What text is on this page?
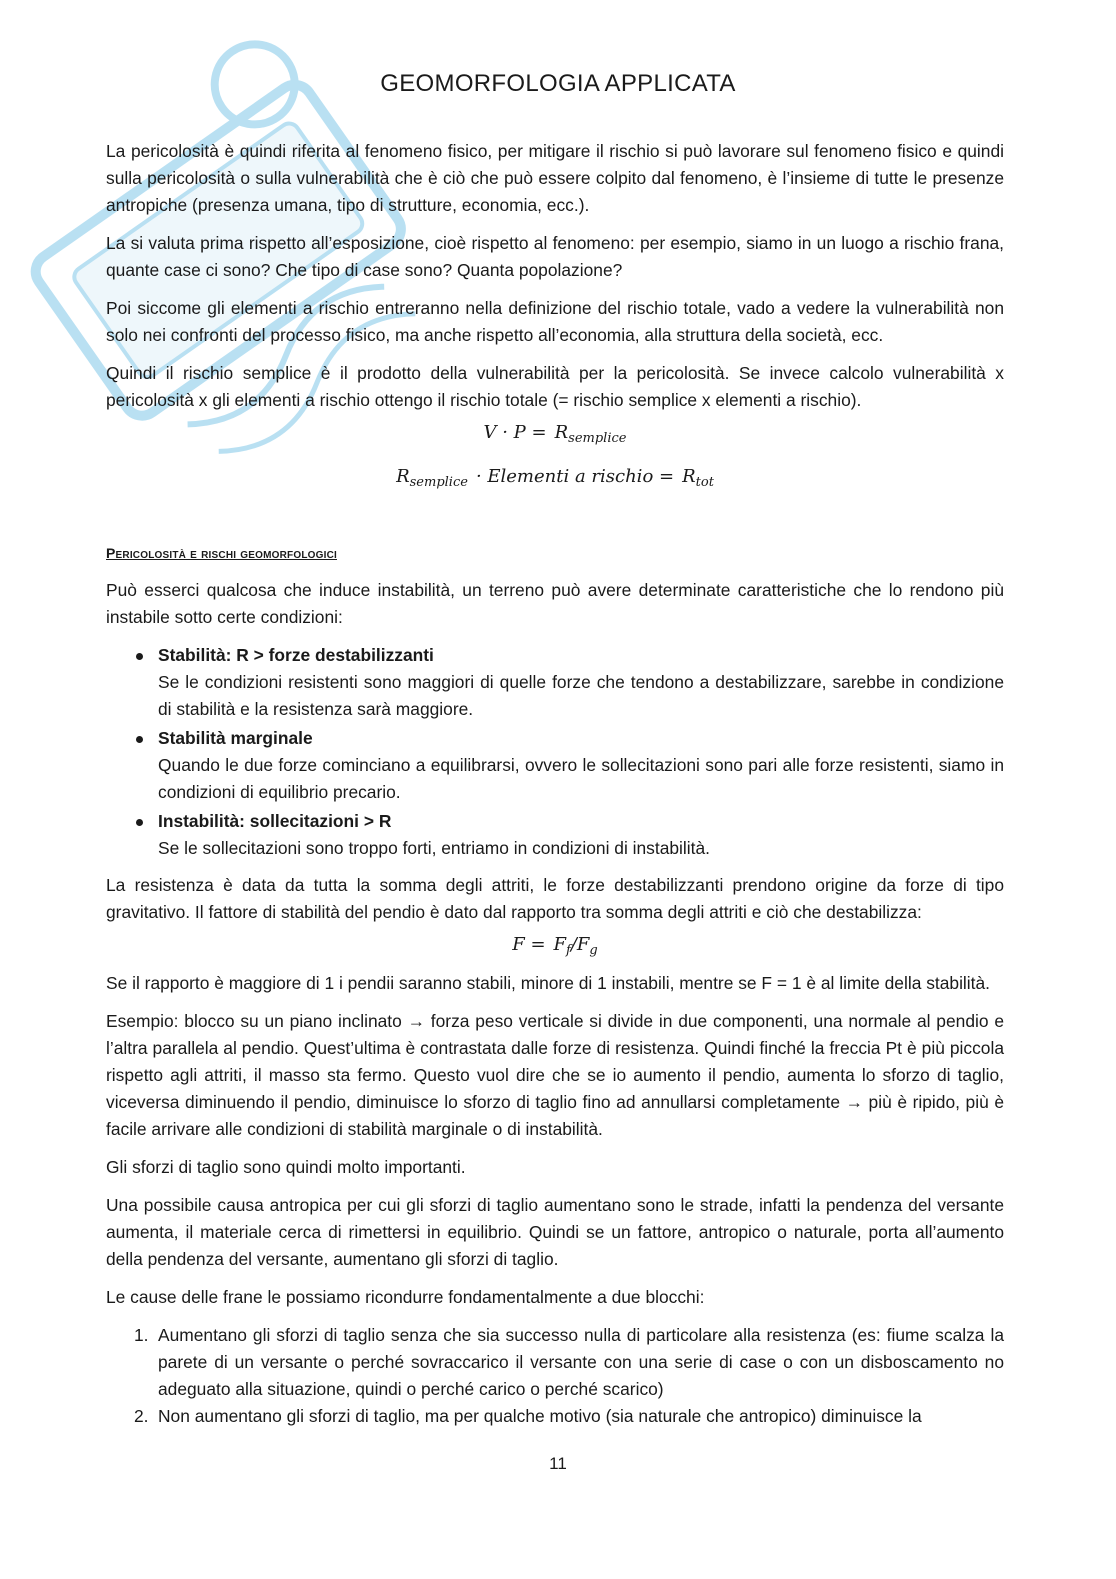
GEOMORFOLOGIA APPLICATA

La pericolosità è quindi riferita al fenomeno fisico, per mitigare il rischio si può lavorare sul fenomeno fisico e quindi sulla pericolosità o sulla vulnerabilità che è ciò che può essere colpito dal fenomeno, è l’insieme di tutte le presenze antropiche (presenza umana, tipo di strutture, economia, ecc.).

La si valuta prima rispetto all’esposizione, cioè rispetto al fenomeno: per esempio, siamo in un luogo a rischio frana, quante case ci sono? Che tipo di case sono? Quanta popolazione?

Poi siccome gli elementi a rischio entreranno nella definizione del rischio totale, vado a vedere la vulnerabilità non solo nei confronti del processo fisico, ma anche rispetto all’economia, alla struttura della società, ecc.

Quindi il rischio semplice è il prodotto della vulnerabilità per la pericolosità. Se invece calcolo vulnerabilità x pericolosità x gli elementi a rischio ottengo il rischio totale (= rischio semplice x elementi a rischio).

$V \cdot P = R_{semplice}$
$R_{semplice}$ · Elementi a rischio = $R_{tot}$
Pericolosità e rischi geomorfologici

Può esserci qualcosa che induce instabilità, un terreno può avere determinate caratteristiche che lo rendono più instabile sotto certe condizioni:

Stabilità: R > forze destabilizzanti
Se le condizioni resistenti sono maggiori di quelle forze che tendono a destabilizzare, sarebbe in condizione di stabilità e la resistenza sarà maggiore.
Stabilità marginale
Quando le due forze cominciano a equilibrarsi, ovvero le sollecitazioni sono pari alle forze resistenti, siamo in condizioni di equilibrio precario.
Instabilità: sollecitazioni > R
Se le sollecitazioni sono troppo forti, entriamo in condizioni di instabilità.

La resistenza è data da tutta la somma degli attriti, le forze destabilizzanti prendono origine da forze di tipo gravitativo. Il fattore di stabilità del pendio è dato dal rapporto tra somma degli attriti e ciò che destabilizza:

$F = F_f/F_g$

Se il rapporto è maggiore di 1 i pendii saranno stabili, minore di 1 instabili, mentre se F = 1 è al limite della stabilità.

Esempio: blocco su un piano inclinato → forza peso verticale si divide in due componenti, una normale al pendio e l’altra parallela al pendio. Quest’ultima è contrastata dalle forze di resistenza. Quindi finché la freccia Pt è più piccola rispetto agli attriti, il masso sta fermo. Questo vuol dire che se io aumento il pendio, aumenta lo sforzo di taglio, viceversa diminuendo il pendio, diminuisce lo sforzo di taglio fino ad annullarsi completamente → più è ripido, più è facile arrivare alle condizioni di stabilità marginale o di instabilità.

Gli sforzi di taglio sono quindi molto importanti.

Una possibile causa antropica per cui gli sforzi di taglio aumentano sono le strade, infatti la pendenza del versante aumenta, il materiale cerca di rimettersi in equilibrio. Quindi se un fattore, antropico o naturale, porta all’aumento della pendenza del versante, aumentano gli sforzi di taglio.

Le cause delle frane le possiamo ricondurre fondamentalmente a due blocchi:

1. Aumentano gli sforzi di taglio senza che sia successo nulla di particolare alla resistenza (es: fiume scalza la parete di un versante o perché sovraccarico il versante con una serie di case o con un disboscamento no adeguato alla situazione, quindi o perché carico o perché scarico)
2. Non aumentano gli sforzi di taglio, ma per qualche motivo (sia naturale che antropico) diminuisce la
11
